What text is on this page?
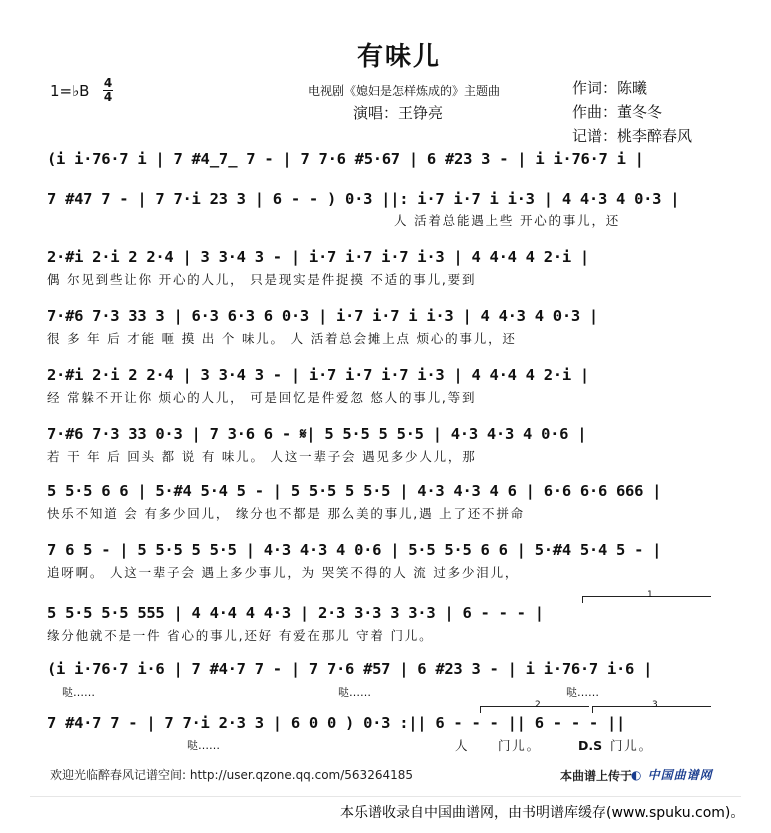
有味儿
1=♭B 4
4	电视剧《媳妇是怎样炼成的》主题曲
演唱：王铮亮
作词：陈曦
作曲：董冬冬
记谱：桃李醉春风
(i i·76·7 i | 7 #4̲7̲ 7 - | 7 7·6 #5·67 | 6 #23 3 - | i i·76·7 i |
7 #47 7 - | 7 7·i 23 3 | 6 - - ) 0·3 ||: i·7 i·7 i i·3 | 4 4·3 4 0·3 |
人 活着总能遇上些 开心的事儿，还
2·#i 2·i 2 2·4 | 3 3·4 3 - | i·7 i·7 i·7 i·3 | 4 4·4 4 2·i |
偶 尔见到些让你 开心的人儿， 只是现实是件捉摸 不适的事儿,要到
7·#6 7·3 33 3 | 6·3 6·3 6 0·3 | i·7 i·7 i i·3 | 4 4·3 4 0·3 |
很 多 年 后 才能 咂 摸 出 个 味儿。 人 活着总会摊上点 烦心的事儿，还
2·#i 2·i 2 2·4 | 3 3·4 3 - | i·7 i·7 i·7 i·3 | 4 4·4 4 2·i |
经 常躲不开让你 烦心的人儿， 可是回忆是件爱忽 悠人的事儿,等到
7·#6 7·3 33 0·3 | 7 3·6 6 - 𝄋| 5 5·5 5 5·5 | 4·3 4·3 4 0·6 |
若 干 年 后 回头 都 说 有 味儿。 人这一辈子会 遇见多少人儿，那
5 5·5 6 6 | 5·#4 5·4 5 - | 5 5·5 5 5·5 | 4·3 4·3 4 6 | 6·6 6·6 666 |
快乐不知道 会 有多少回儿， 缘分也不都是 那么美的事儿,遇 上了还不拼命
7 6 5 - | 5 5·5 5 5·5 | 4·3 4·3 4 0·6 | 5·5 5·5 6 6 | 5·#4 5·4 5 - |
追呀啊。 人这一辈子会 遇上多少事儿，为 哭笑不得的人 流 过多少泪儿，
1
5 5·5 5·5 555 | 4 4·4 4 4·3 | 2·3 3·3 3 3·3 | 6 - - - |
缘分他就不是一件 省心的事儿,还好 有爱在那儿 守着 门儿。
(i i·76·7 i·6 | 7 #4·7 7 - | 7 7·6 #57 | 6 #23 3 - | i i·76·7 i·6 |
哒……	哒……	哒……
2	3
7 #4·7 7 - | 7 7·i 2·3 3 | 6 0 0 ) 0·3 :|| 6 - - - || 6 - - - ||
哒……	人 门儿。	D.S 门儿。
欢迎光临醉春风记谱空间: http://user.qzone.qq.com/563264185	本曲谱上传于
◐ 中国曲谱网
本乐谱收录自中国曲谱网，由书明谱库缓存(www.spuku.com)。
